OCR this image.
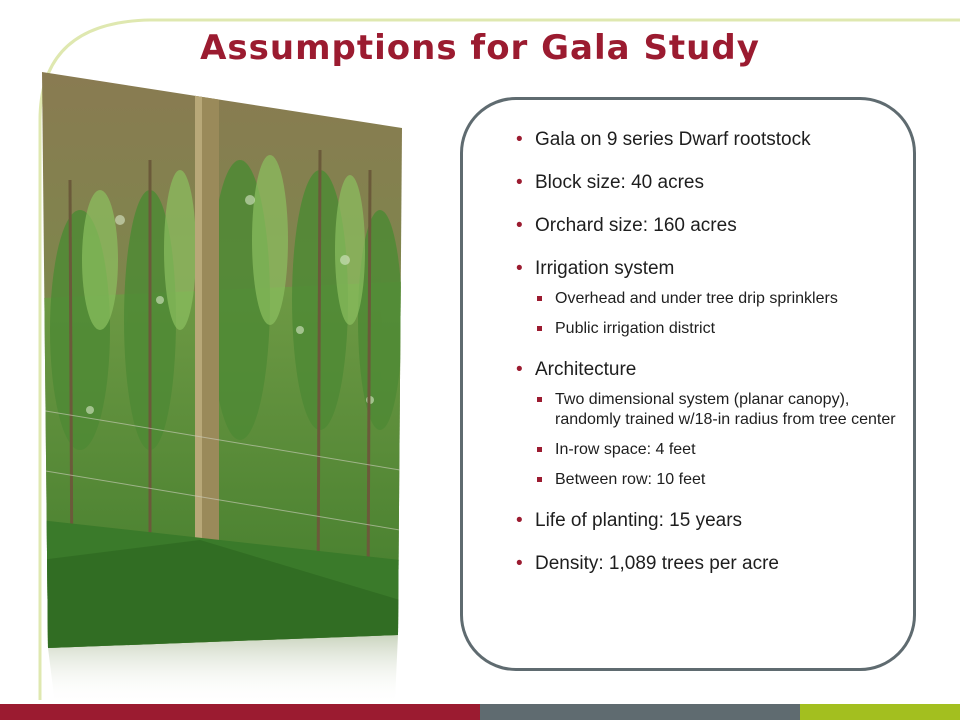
Assumptions for Gala Study
• Gala on 9 series Dwarf rootstock
• Block size: 40 acres
• Orchard size: 160 acres
• Irrigation system
Overhead and under tree drip sprinklers
Public irrigation district
• Architecture
Two dimensional system (planar canopy), randomly trained w/18-in radius from tree center
In-row space: 4 feet
Between row: 10 feet
• Life of planting: 15 years
• Density: 1,089 trees per acre
